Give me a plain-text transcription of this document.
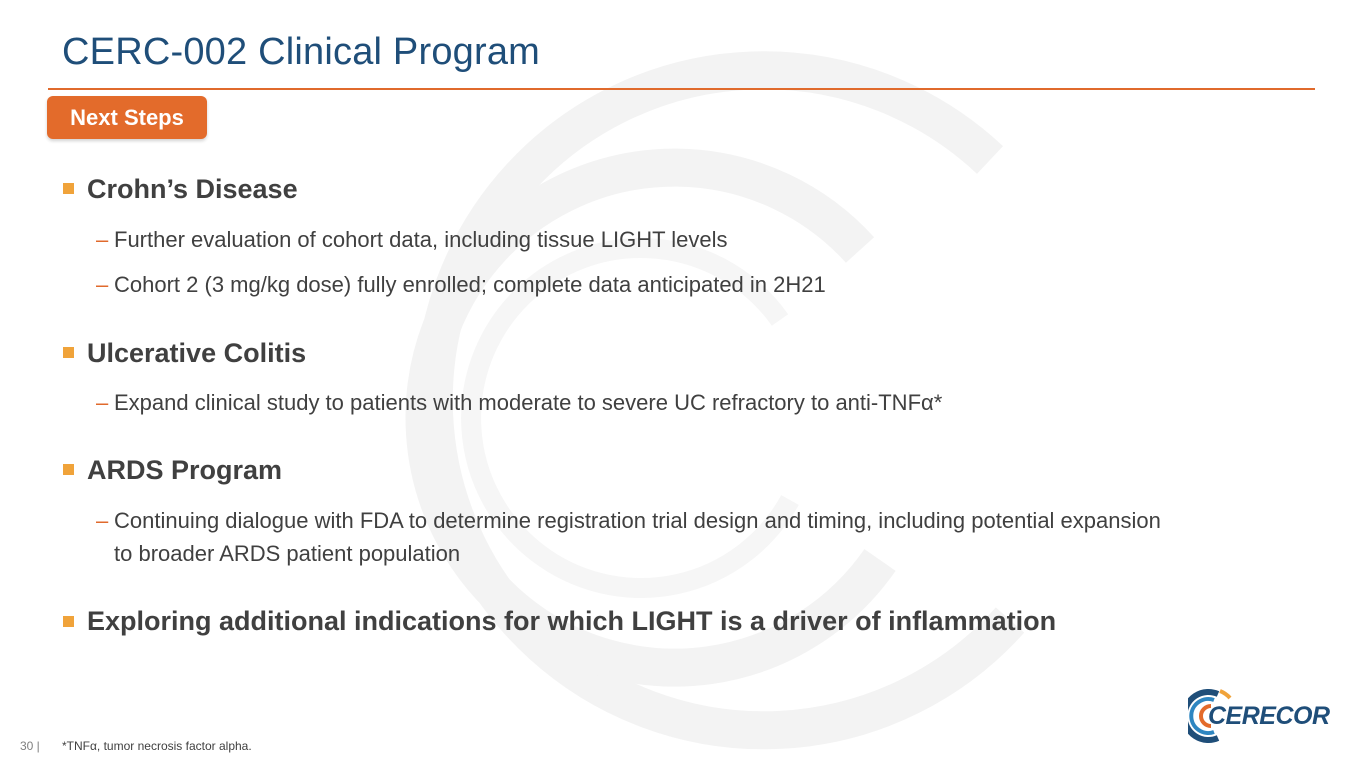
CERC-002 Clinical Program
Next Steps
Crohn’s Disease
– Further evaluation of cohort data, including tissue LIGHT levels
– Cohort 2 (3 mg/kg dose) fully enrolled; complete data anticipated in 2H21
Ulcerative Colitis
– Expand clinical study to patients with moderate to severe UC refractory to anti-TNFα*
ARDS Program
– Continuing dialogue with FDA to determine registration trial design and timing, including potential expansion to broader ARDS patient population
Exploring additional indications for which LIGHT is a driver of inflammation
30 | *TNFα, tumor necrosis factor alpha.
CERECOR
